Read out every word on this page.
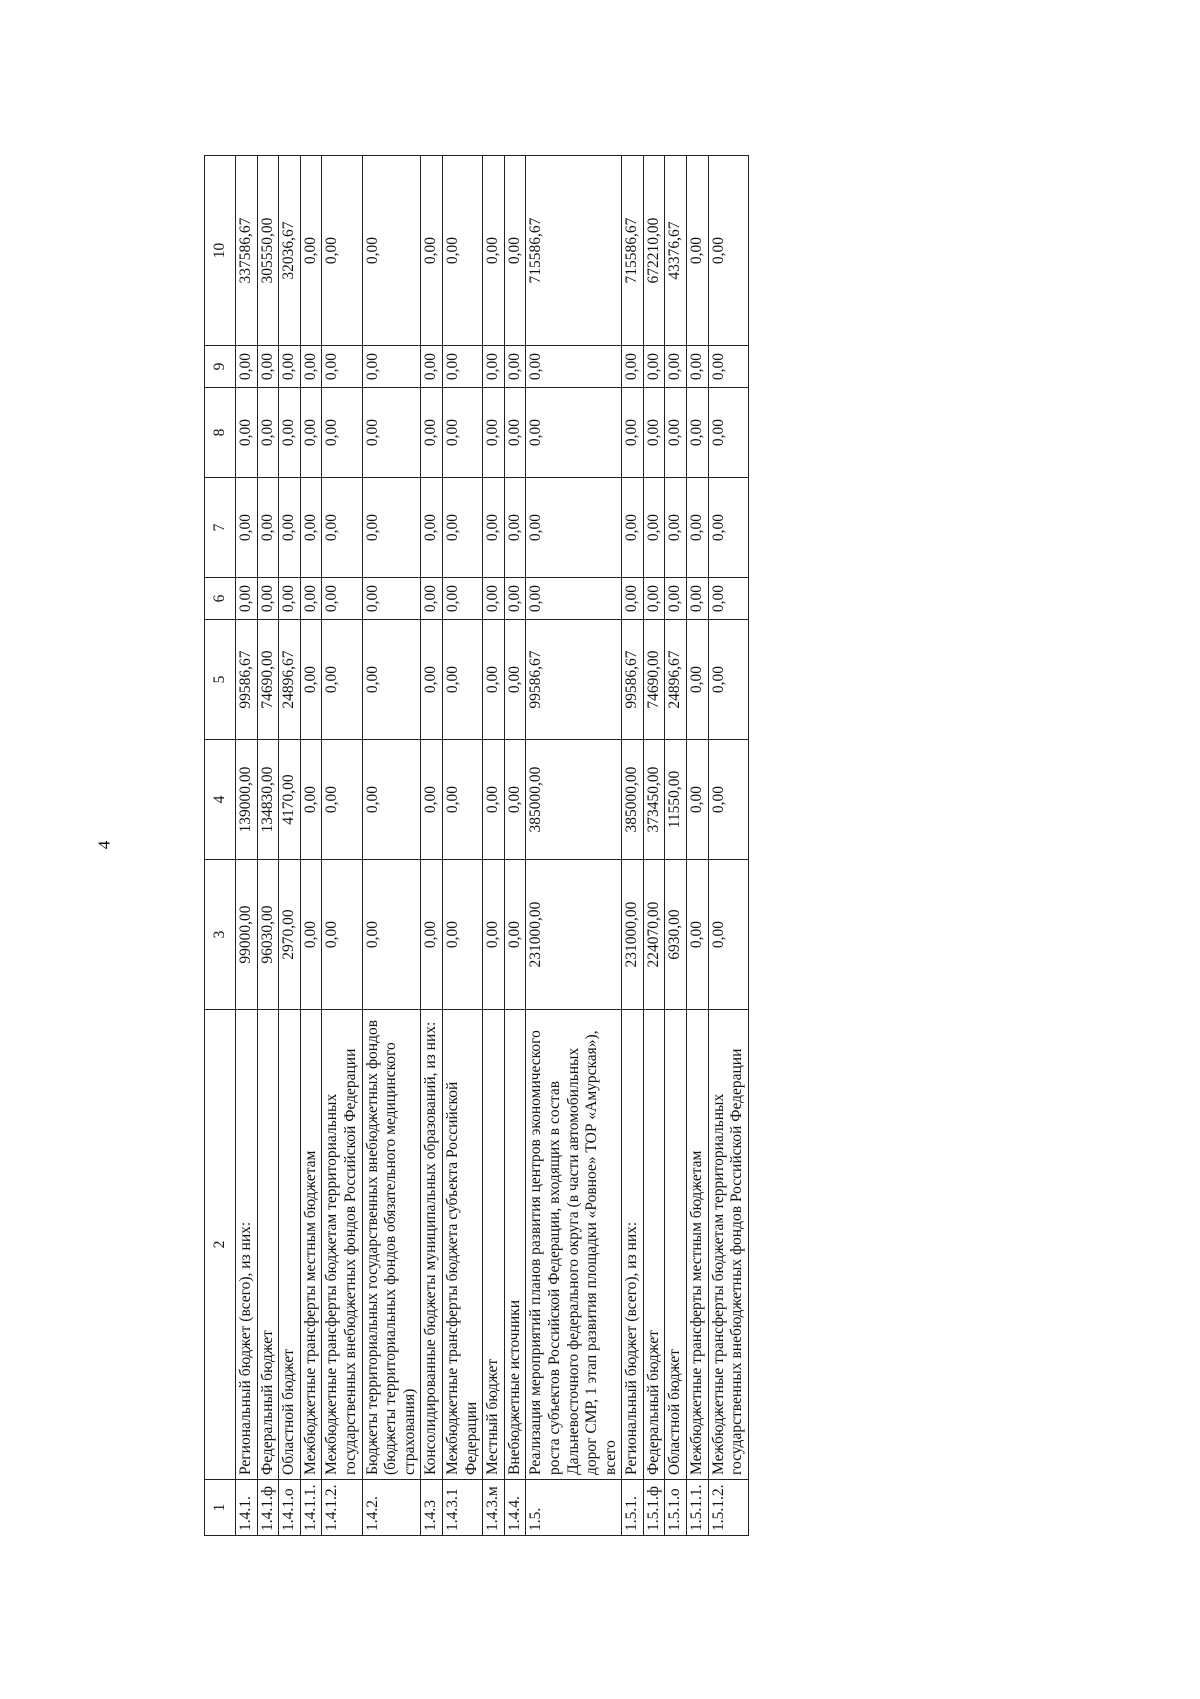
4
1	2	3	4	5	6	7	8	9	10
1.4.1.	Региональный бюджет (всего), из них:	99000,00	139000,00	99586,67	0,00	0,00	0,00	0,00	337586,67
1.4.1.ф	Федеральный бюджет	96030,00	134830,00	74690,00	0,00	0,00	0,00	0,00	305550,00
1.4.1.о	Областной бюджет	2970,00	4170,00	24896,67	0,00	0,00	0,00	0,00	32036,67
1.4.1.1.	Межбюджетные трансферты местным бюджетам	0,00	0,00	0,00	0,00	0,00	0,00	0,00	0,00
1.4.1.2.	Межбюджетные трансферты бюджетам территориальных государственных внебюджетных фондов Российской Федерации	0,00	0,00	0,00	0,00	0,00	0,00	0,00	0,00
1.4.2.	Бюджеты территориальных государственных внебюджетных фондов (бюджеты территориальных фондов обязательного медицинского страхования)	0,00	0,00	0,00	0,00	0,00	0,00	0,00	0,00
1.4.3	Консолидированные бюджеты муниципальных образований, из них:	0,00	0,00	0,00	0,00	0,00	0,00	0,00	0,00
1.4.3.1	Межбюджетные трансферты бюджета субъекта Российской Федерации	0,00	0,00	0,00	0,00	0,00	0,00	0,00	0,00
1.4.3.м	Местный бюджет	0,00	0,00	0,00	0,00	0,00	0,00	0,00	0,00
1.4.4.	Внебюджетные источники	0,00	0,00	0,00	0,00	0,00	0,00	0,00	0,00
1.5.	Реализация мероприятий планов развития центров экономического роста субъектов Российской Федерации, входящих в состав Дальневосточного федерального округа (в части автомобильных дорог СМР, 1 этап развития площадки «Ровное» ТОР «Амурская»), всего	231000,00	385000,00	99586,67	0,00	0,00	0,00	0,00	715586,67
1.5.1.	Региональный бюджет (всего), из них:	231000,00	385000,00	99586,67	0,00	0,00	0,00	0,00	715586,67
1.5.1.ф	Федеральный бюджет	224070,00	373450,00	74690,00	0,00	0,00	0,00	0,00	672210,00
1.5.1.о	Областной бюджет	6930,00	11550,00	24896,67	0,00	0,00	0,00	0,00	43376,67
1.5.1.1.	Межбюджетные трансферты местным бюджетам	0,00	0,00	0,00	0,00	0,00	0,00	0,00	0,00
1.5.1.2.	Межбюджетные трансферты бюджетам территориальных государственных внебюджетных фондов Российской Федерации	0,00	0,00	0,00	0,00	0,00	0,00	0,00	0,00
